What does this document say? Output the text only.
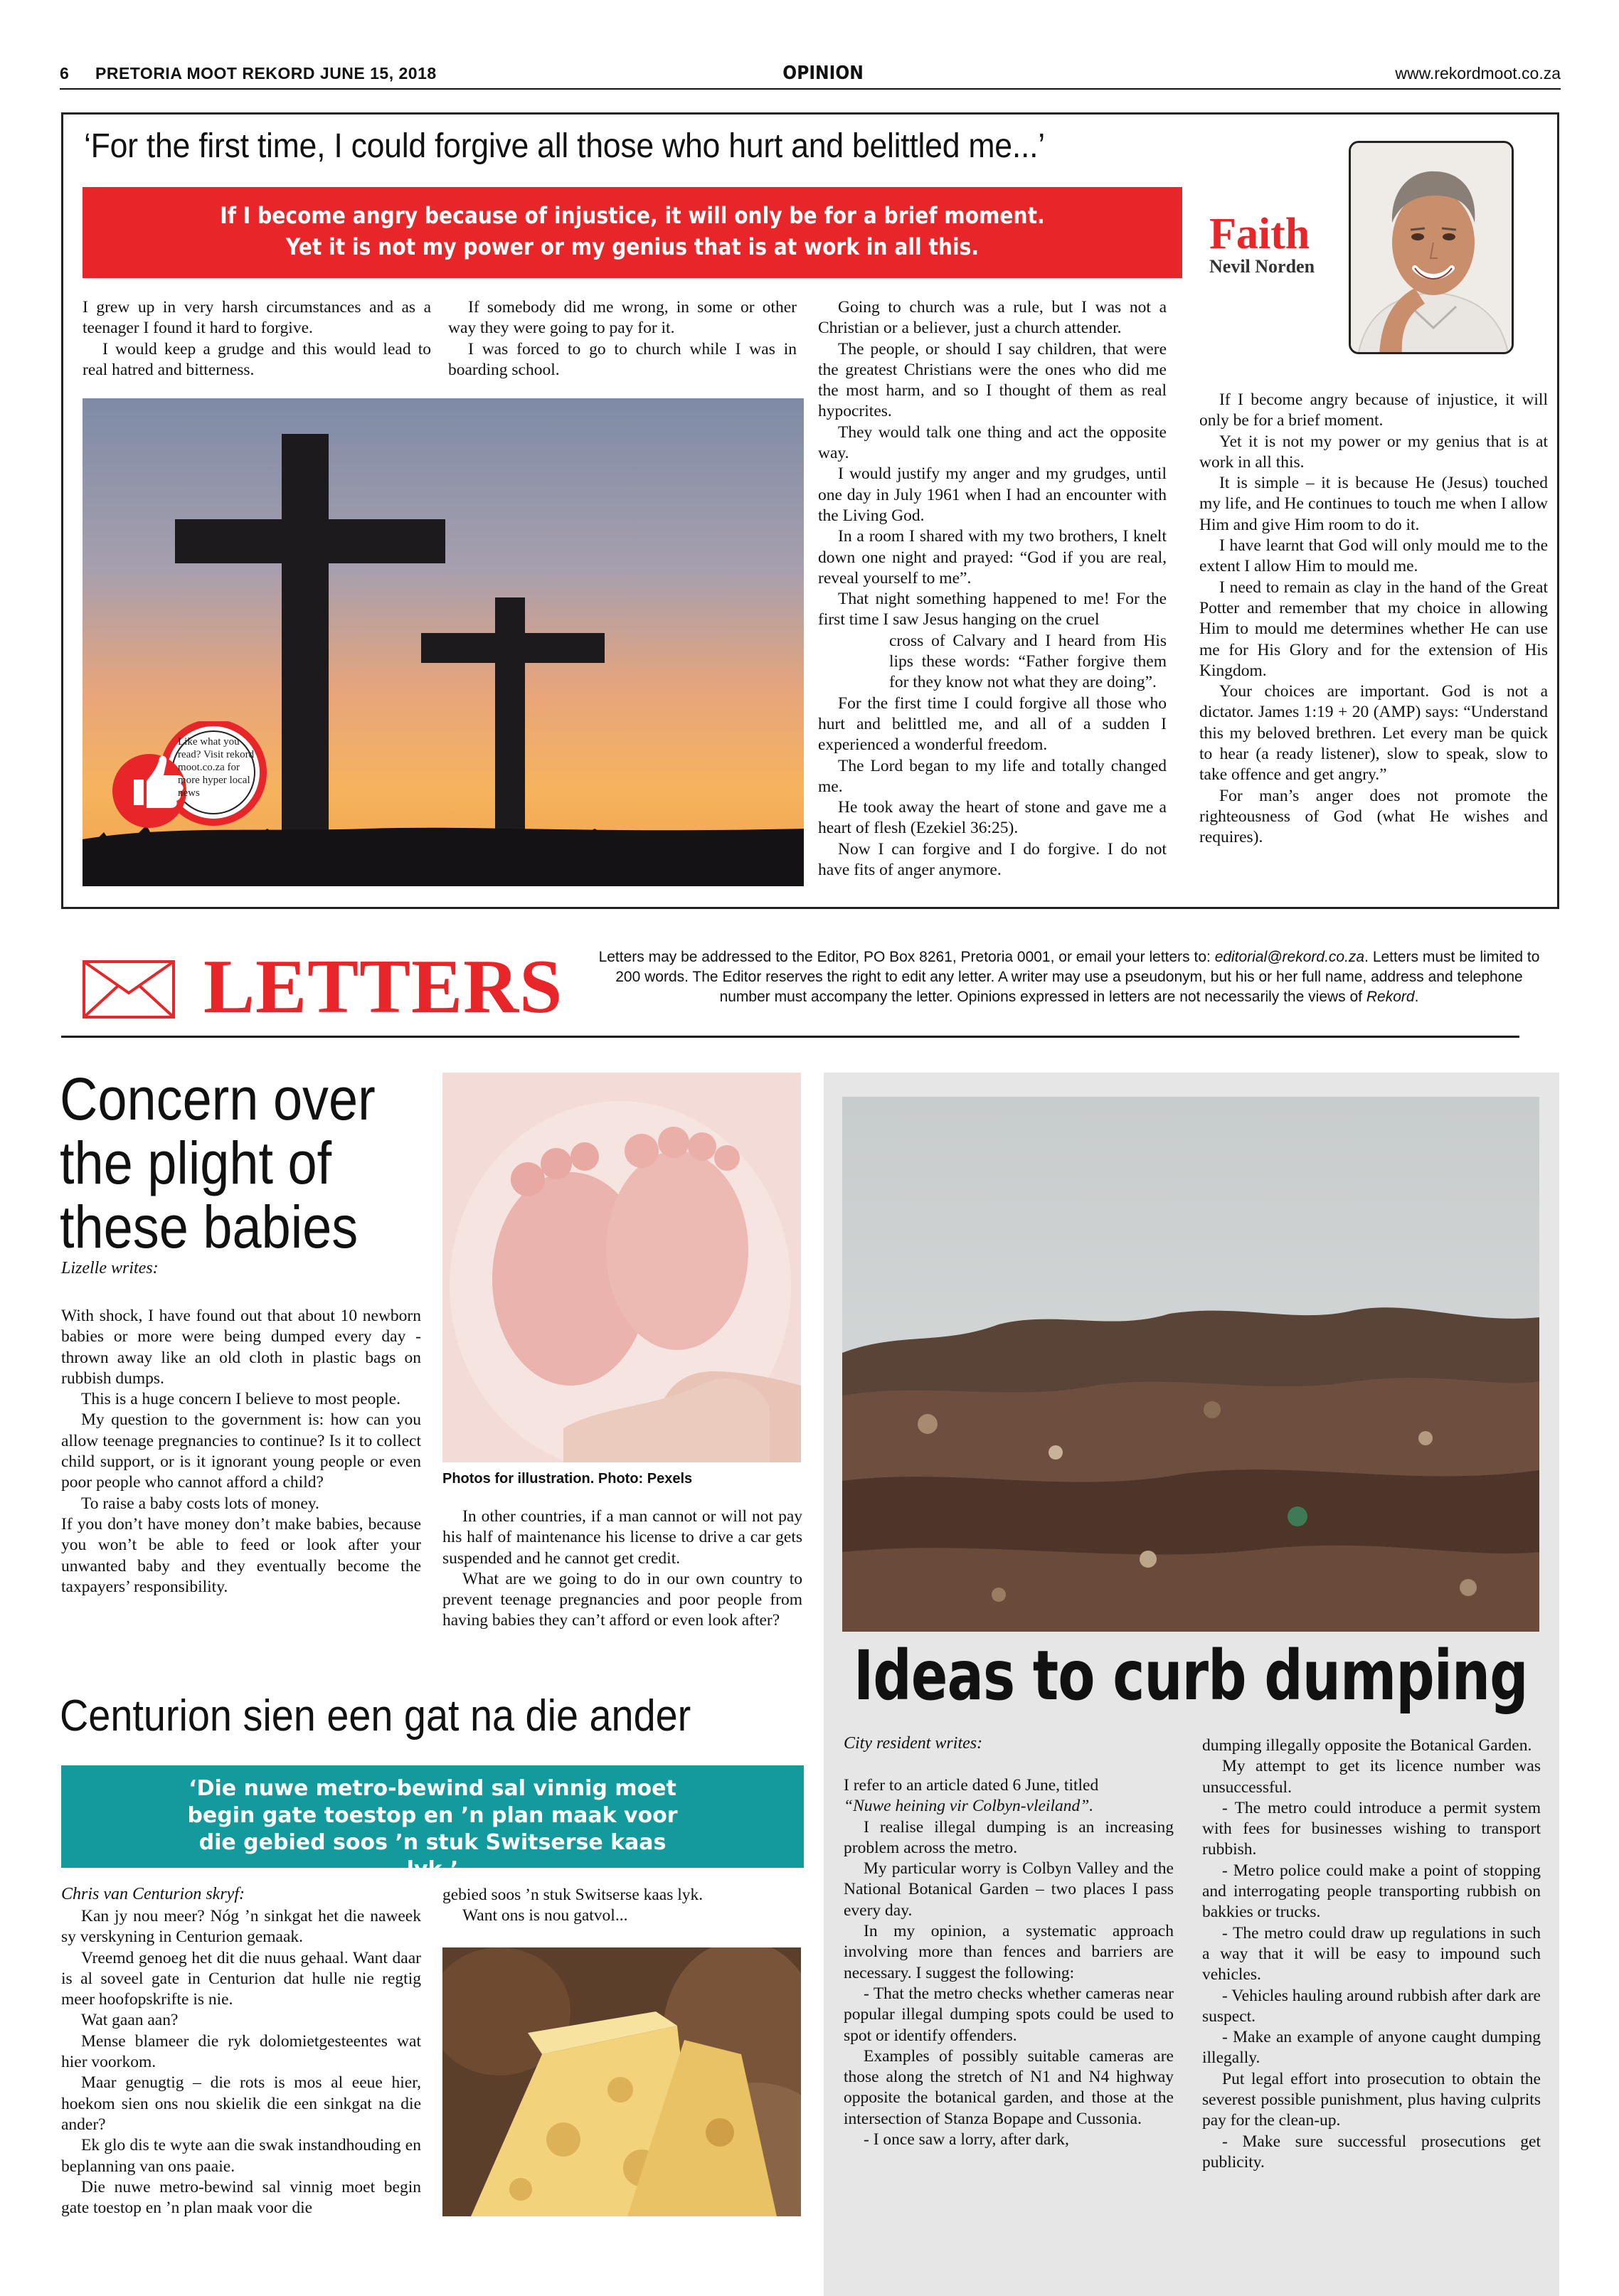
6 PRETORIA MOOT REKORD JUNE 15, 2018	OPINION	www.rekordmoot.co.za
‘For the first time, I could forgive all those who hurt and belittled me...’
If I become angry because of injustice, it will only be for a brief moment.
Yet it is not my power or my genius that is at work in all this.	Faith
Nevil Norden

I grew up in very harsh circumstances and as a teenager I found it hard to forgive.

I would keep a grudge and this would lead to real hatred and bitterness.

If somebody did me wrong, in some or other way they were going to pay for it.

I was forced to go to church while I was in boarding school.

Like what you read? Visit rekord moot.co.za for more hyper local news

Going to church was a rule, but I was not a Christian or a believer, just a church attender.

The people, or should I say children, that were the greatest Christians were the ones who did me the most harm, and so I thought of them as real hypocrites.

They would talk one thing and act the opposite way.

I would justify my anger and my grudges, until one day in July 1961 when I had an encounter with the Living God.

In a room I shared with my two brothers, I knelt down one night and prayed: “God if you are real, reveal yourself to me”.

That night something happened to me! For the first time I saw Jesus hanging on the cruel

cross of Calvary and I heard from His lips these words: “Father forgive them for they know not what they are doing”.

For the first time I could forgive all those who hurt and belittled me, and all of a sudden I experienced a wonderful freedom.

The Lord began to my life and totally changed me.

He took away the heart of stone and gave me a heart of flesh (Ezekiel 36:25).

Now I can forgive and I do forgive. I do not have fits of anger anymore.

If I become angry because of injustice, it will only be for a brief moment.

Yet it is not my power or my genius that is at work in all this.

It is simple – it is because He (Jesus) touched my life, and He continues to touch me when I allow Him and give Him room to do it.

I have learnt that God will only mould me to the extent I allow Him to mould me.

I need to remain as clay in the hand of the Great Potter and remember that my choice in allowing Him to mould me determines whether He can use me for His Glory and for the extension of His Kingdom.

Your choices are important. God is not a dictator. James 1:19 + 20 (AMP) says: “Understand this my beloved brethren. Let every man be quick to hear (a ready listener), slow to speak, slow to take offence and get angry.”

For man’s anger does not promote the righteousness of God (what He wishes and requires).

LETTERS Letters may be addressed to the Editor, PO Box 8261, Pretoria 0001, or email your letters to: editorial@rekord.co.za. Letters must be limited to 200 words. The Editor reserves the right to edit any letter. A writer may use a pseudonym, but his or her full name, address and telephone number must accompany the letter. Opinions expressed in letters are not necessarily the views of Rekord.
Concern over the plight of these babies
Lizelle writes:

With shock, I have found out that about 10 newborn babies or more were being dumped every day - thrown away like an old cloth in plastic bags on rubbish dumps.

This is a huge concern I believe to most people.

My question to the government is: how can you allow teenage pregnancies to continue? Is it to collect child support, or is it ignorant young people or even poor people who cannot afford a child?

To raise a baby costs lots of money.

If you don’t have money don’t make babies, because you won’t be able to feed or look after your unwanted baby and they eventually become the taxpayers’ responsibility.

Photos for illustration. Photo: Pexels

In other countries, if a man cannot or will not pay his half of maintenance his license to drive a car gets suspended and he cannot get credit.

What are we going to do in our own country to prevent teenage pregnancies and poor people from having babies they can’t afford or even look after?

Centurion sien een gat na die ander
‘Die nuwe metro-bewind sal vinnig moet begin gate toestop en ’n plan maak voor die gebied soos ’n stuk Switserse kaas lyk.’
Chris van Centurion skryf:

Kan jy nou meer? Nóg ’n sinkgat het die naweek sy verskyning in Centurion gemaak.

Vreemd genoeg het dit die nuus gehaal. Want daar is al soveel gate in Centurion dat hulle nie regtig meer hoofopskrifte is nie.

Wat gaan aan?

Mense blameer die ryk dolomietgesteentes wat hier voorkom.

Maar genugtig – die rots is mos al eeue hier, hoekom sien ons nou skielik die een sinkgat na die ander?

Ek glo dis te wyte aan die swak instandhouding en beplanning van ons paaie.

Die nuwe metro-bewind sal vinnig moet begin gate toestop en ’n plan maak voor die

gebied soos ’n stuk Switserse kaas lyk.

Want ons is nou gatvol...

Ideas to curb dumping
City resident writes:

I refer to an article dated 6 June, titled

“Nuwe heining vir Colbyn-vleiland”.

I realise illegal dumping is an increasing problem across the metro.

My particular worry is Colbyn Valley and the National Botanical Garden – two places I pass every day.

In my opinion, a systematic approach involving more than fences and barriers are necessary. I suggest the following:

- That the metro checks whether cameras near popular illegal dumping spots could be used to spot or identify offenders.

Examples of possibly suitable cameras are those along the stretch of N1 and N4 highway opposite the botanical garden, and those at the intersection of Stanza Bopape and Cussonia.

- I once saw a lorry, after dark,

dumping illegally opposite the Botanical Garden.

My attempt to get its licence number was unsuccessful.

- The metro could introduce a permit system with fees for businesses wishing to transport rubbish.

- Metro police could make a point of stopping and interrogating people transporting rubbish on bakkies or trucks.

- The metro could draw up regulations in such a way that it will be easy to impound such vehicles.

- Vehicles hauling around rubbish after dark are suspect.

- Make an example of anyone caught dumping illegally.

Put legal effort into prosecution to obtain the severest possible punishment, plus having culprits pay for the clean-up.

- Make sure successful prosecutions get publicity.
